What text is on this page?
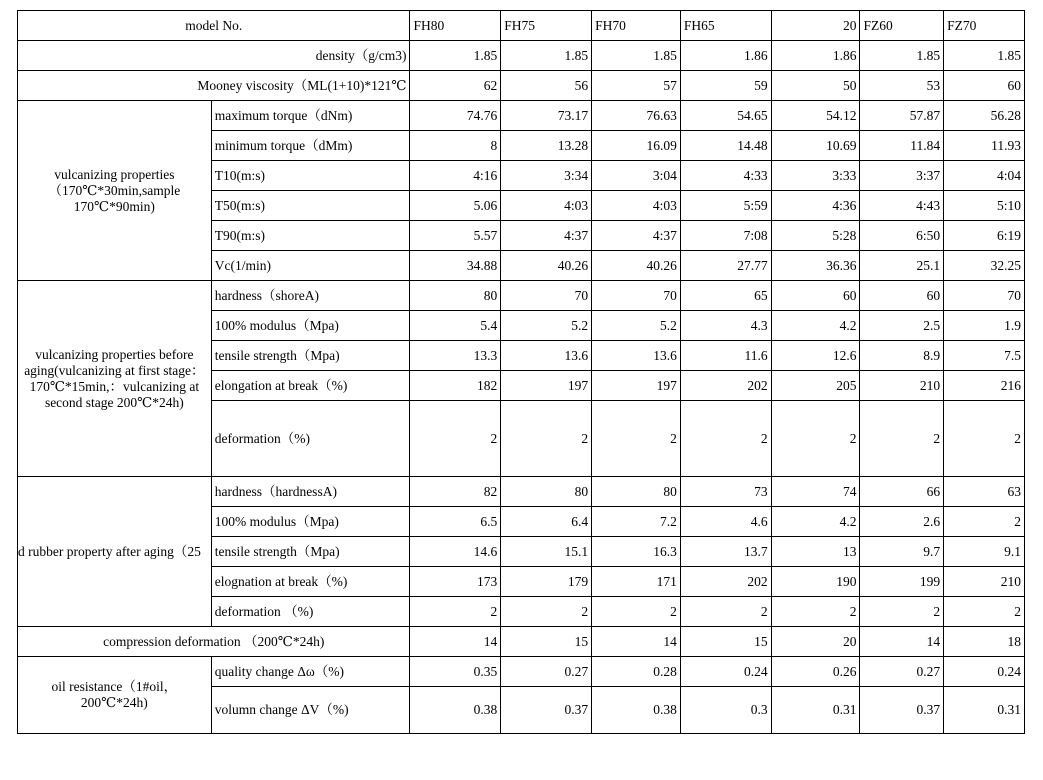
model No.		FH80	FH75	FH70	FH65	20	FZ60	FZ70
density（g/cm3)		1.85	1.85	1.85	1.86	1.86	1.85	1.85
Mooney viscosity（ML(1+10)*121℃		62	56	57	59	50	53	60
vulcanizing properties（170℃*30min,sample 170℃*90min)	maximum torque（dNm)	74.76	73.17	76.63	54.65	54.12	57.87	56.28
	minimum torque（dMm)	8	13.28	16.09	14.48	10.69	11.84	11.93
	T10(m:s)	4:16	3:34	3:04	4:33	3:33	3:37	4:04
	T50(m:s)	5.06	4:03	4:03	5:59	4:36	4:43	5:10
	T90(m:s)	5.57	4:37	4:37	7:08	5:28	6:50	6:19
	Vc(1/min)	34.88	40.26	40.26	27.77	36.36	25.1	32.25
vulcanizing properties before aging(vulcanizing at first stage：170℃*15min,：vulcanizing at second stage 200℃*24h)	hardness（shoreA)	80	70	70	65	60	60	70
	100% modulus（Mpa)	5.4	5.2	5.2	4.3	4.2	2.5	1.9
	tensile strength（Mpa)	13.3	13.6	13.6	11.6	12.6	8.9	7.5
	elongation at break（%)	182	197	197	202	205	210	216
	deformation（%)	2	2	2	2	2	2	2
d rubber property after aging（25	hardness（hardnessA)	82	80	80	73	74	66	63
	100% modulus（Mpa)	6.5	6.4	7.2	4.6	4.2	2.6	2
	tensile strength（Mpa)	14.6	15.1	16.3	13.7	13	9.7	9.1
	elognation at break（%)	173	179	171	202	190	199	210
	deformation （%)	2	2	2	2	2	2	2
compression deformation （200℃*24h)		14	15	14	15	20	14	18
oil resistance（1#oil，200℃*24h)	quality change Δω（%)	0.35	0.27	0.28	0.24	0.26	0.27	0.24
	volumn change ΔV（%)	0.38	0.37	0.38	0.3	0.31	0.37	0.31
